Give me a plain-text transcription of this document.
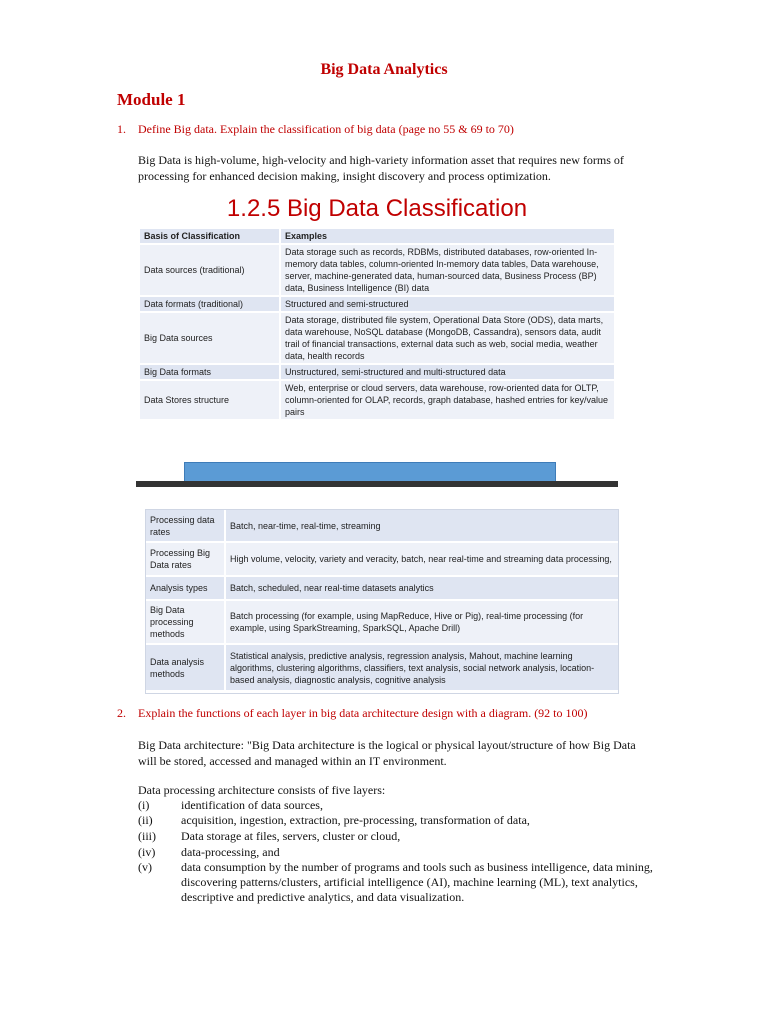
Big Data Analytics
Module 1
1. Define Big data. Explain the classification of big data (page no 55 & 69 to 70)
Big Data is high-volume, high-velocity and high-variety information asset that requires new forms of processing for enhanced decision making, insight discovery and process optimization.
1.2.5 Big Data Classification
Basis of Classification	Examples
Data sources (traditional)	Data storage such as records, RDBMs, distributed databases, row-oriented In-memory data tables, column-oriented In-memory data tables, Data warehouse, server, machine-generated data, human-sourced data, Business Process (BP) data, Business Intelligence (BI) data
Data formats (traditional)	Structured and semi-structured
Big Data sources	Data storage, distributed file system, Operational Data Store (ODS), data marts, data warehouse, NoSQL database (MongoDB, Cassandra), sensors data, audit trail of financial transactions, external data such as web, social media, weather data, health records
Big Data formats	Unstructured, semi-structured and multi-structured data
Data Stores structure	Web, enterprise or cloud servers, data warehouse, row-oriented data for OLTP, column-oriented for OLAP, records, graph database, hashed entries for key/value pairs
Processing data rates	Batch, near-time, real-time, streaming
Processing Big Data rates	High volume, velocity, variety and veracity, batch, near real-time and streaming data processing,
Analysis types	Batch, scheduled, near real-time datasets analytics
Big Data processing methods	Batch processing (for example, using MapReduce, Hive or Pig), real-time processing (for example, using SparkStreaming, SparkSQL, Apache Drill)
Data analysis methods	Statistical analysis, predictive analysis, regression analysis, Mahout, machine learning algorithms, clustering algorithms, classifiers, text analysis, social network analysis, location-based analysis, diagnostic analysis, cognitive analysis
2. Explain the functions of each layer in big data architecture design with a diagram. (92 to 100)
Big Data architecture: "Big Data architecture is the logical or physical layout/structure of how Big Data will be stored, accessed and managed within an IT environment.
Data processing architecture consists of five layers:
(i)	identification of data sources,
(ii) acquisition, ingestion, extraction, pre-processing, transformation of data,
(iii) Data storage at files, servers, cluster or cloud,
(iv) data-processing, and
(v) data consumption by the number of programs and tools such as business intelligence, data mining, discovering patterns/clusters, artificial intelligence (AI), machine learning (ML), text analytics, descriptive and predictive analytics, and data visualization.
